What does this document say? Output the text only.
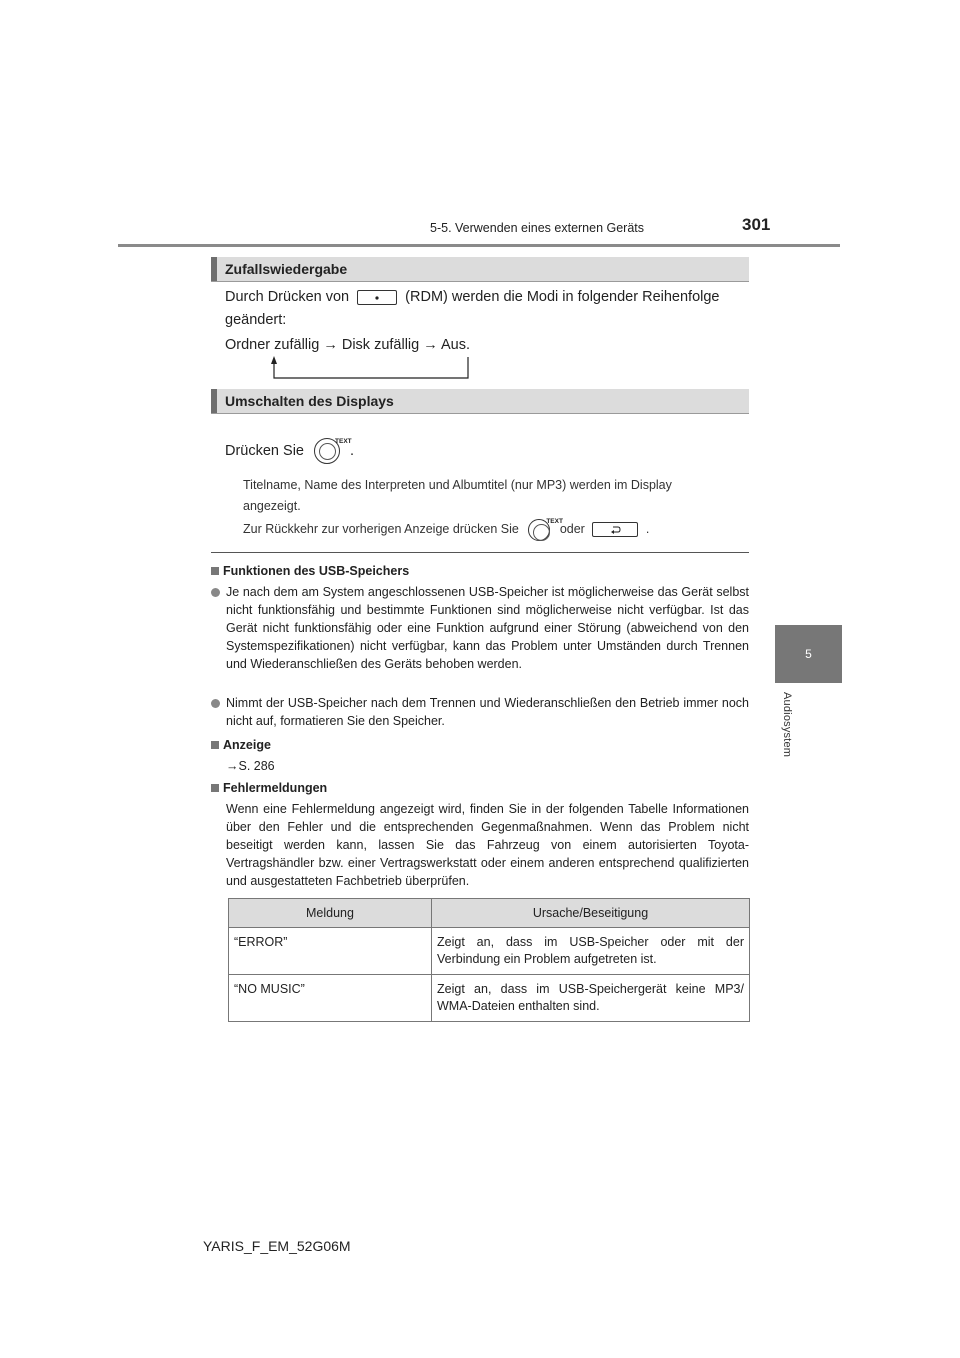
5-5. Verwenden eines externen Geräts	301
5
Audiosystem
Zufallswiedergabe
Durch Drücken von	(RDM) werden die Modi in folgender Reihenfolge
geändert:
Ordner zufällig → Disk zufällig → Aus.
Umschalten des Displays
Drücken Sie
TEXT
.
Titelname, Name des Interpreten und Albumtitel (nur MP3) werden im Display
angezeigt.
Zur Rückkehr zur vorherigen Anzeige drücken Sie
TEXT
oder	.
Funktionen des USB-Speichers
Je nach dem am System angeschlossenen USB-Speicher ist möglicherweise das Gerät selbst nicht funktionsfähig und bestimmte Funktionen sind möglicherweise nicht verfügbar. Ist das Gerät nicht funktionsfähig oder eine Funktion aufgrund einer Störung (abweichend von den Systemspezifikationen) nicht verfügbar, kann das Problem unter Umständen durch Trennen und Wiederanschließen des Geräts behoben werden.
Nimmt der USB-Speicher nach dem Trennen und Wiederanschließen den Betrieb immer noch nicht auf, formatieren Sie den Speicher.
Anzeige
→S. 286
Fehlermeldungen
Wenn eine Fehlermeldung angezeigt wird, finden Sie in der folgenden Tabelle Informationen über den Fehler und die entsprechenden Gegenmaßnahmen. Wenn das Problem nicht beseitigt werden kann, lassen Sie das Fahrzeug von einem autorisierten Toyota-Vertragshändler bzw. einer Vertragswerkstatt oder einem anderen entsprechend qualifizierten und ausgestatteten Fachbetrieb überprüfen.
Meldung	Ursache/Beseitigung
“ERROR”	Zeigt an, dass im USB-Speicher oder mit der Verbindung ein Problem aufgetreten ist.
“NO MUSIC”	Zeigt an, dass im USB-Speichergerät keine MP3/ WMA-Dateien enthalten sind.
YARIS_F_EM_52G06M
